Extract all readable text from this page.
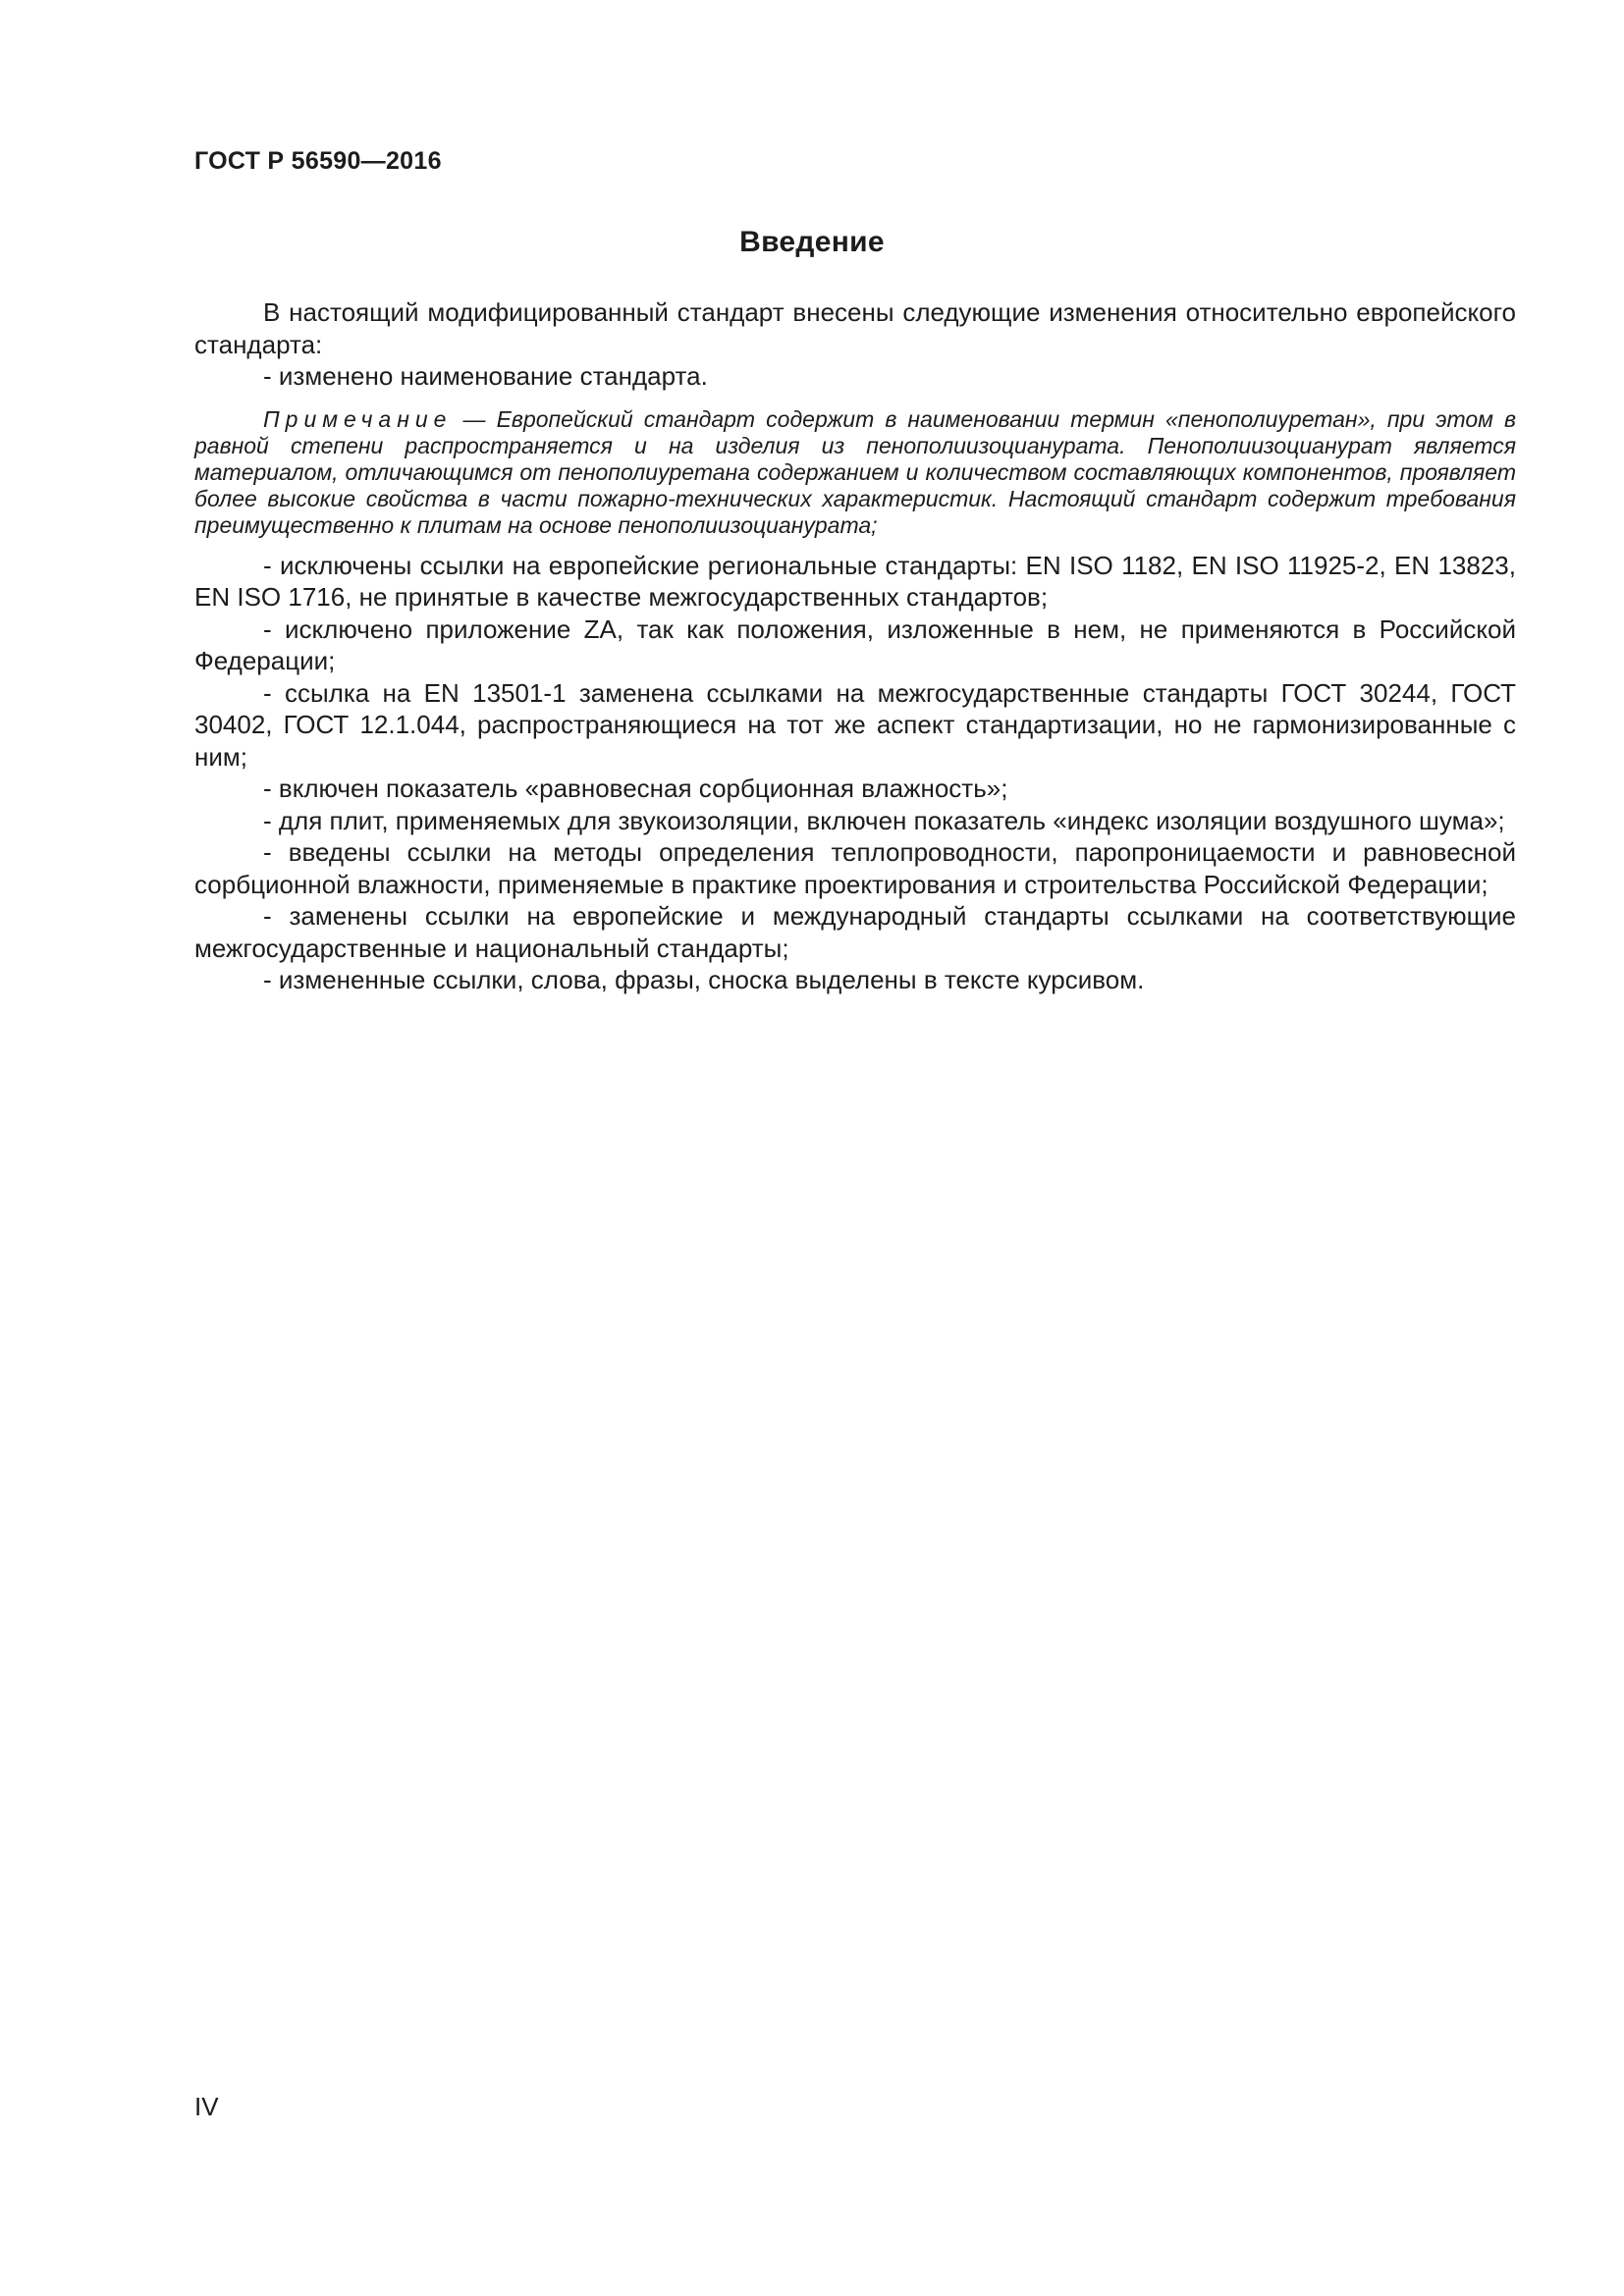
ГОСТ Р 56590—2016
Введение

В настоящий модифицированный стандарт внесены следующие изменения относительно европейского стандарта:

- изменено наименование стандарта.

Примечание — Европейский стандарт содержит в наименовании термин «пенополиуретан», при этом в равной степени распространяется и на изделия из пенополиизоцианурата. Пенополиизоцианурат является материалом, отличающимся от пенополиуретана содержанием и количеством составляющих компонентов, проявляет более высокие свойства в части пожарно-технических характеристик. Настоящий стандарт содержит требования преимущественно к плитам на основе пенополиизоцианурата;

- исключены ссылки на европейские региональные стандарты: EN ISO 1182, EN ISO 11925-2, EN 13823, EN ISO 1716, не принятые в качестве межгосударственных стандартов;

- исключено приложение ZA, так как положения, изложенные в нем, не применяются в Российской Федерации;

- ссылка на EN 13501-1 заменена ссылками на межгосударственные стандарты ГОСТ 30244, ГОСТ 30402, ГОСТ 12.1.044, распространяющиеся на тот же аспект стандартизации, но не гармонизированные с ним;

- включен показатель «равновесная сорбционная влажность»;

- для плит, применяемых для звукоизоляции, включен показатель «индекс изоляции воздушного шума»;

- введены ссылки на методы определения теплопроводности, паропроницаемости и равновесной сорбционной влажности, применяемые в практике проектирования и строительства Российской Федерации;

- заменены ссылки на европейские и международный стандарты ссылками на соответствующие межгосударственные и национальный стандарты;

- измененные ссылки, слова, фразы, сноска выделены в тексте курсивом.

IV
